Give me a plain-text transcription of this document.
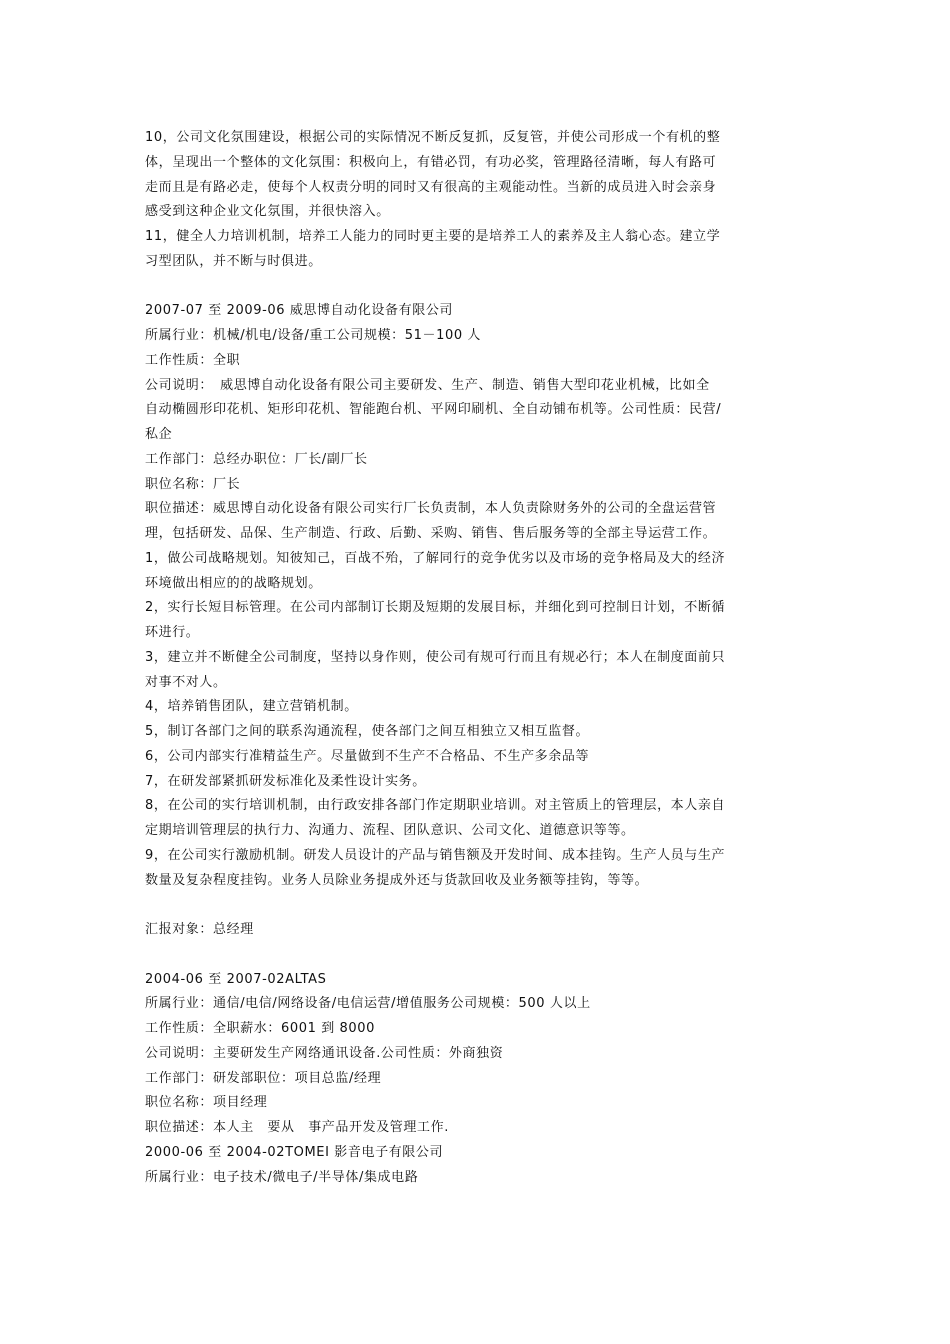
10，公司文化氛围建设，根据公司的实际情况不断反复抓，反复管，并使公司形成一个有机的整
体，呈现出一个整体的文化氛围：积极向上，有错必罚，有功必奖，管理路径清晰，每人有路可
走而且是有路必走，使每个人权责分明的同时又有很高的主观能动性。当新的成员进入时会亲身
感受到这种企业文化氛围，并很快溶入。
11，健全人力培训机制，培养工人能力的同时更主要的是培养工人的素养及主人翁心态。建立学
习型团队，并不断与时俱进。
2007-07 至 2009-06 威思博自动化设备有限公司
所属行业：机械/机电/设备/重工公司规模：51－100 人
工作性质：全职
公司说明：　威思博自动化设备有限公司主要研发、生产、制造、销售大型印花业机械，比如全
自动椭圆形印花机、矩形印花机、智能跑台机、平网印刷机、全自动铺布机等。公司性质：民营/
私企
工作部门：总经办职位：厂长/副厂长
职位名称：厂长
职位描述：威思博自动化设备有限公司实行厂长负责制，本人负责除财务外的公司的全盘运营管
理，包括研发、品保、生产制造、行政、后勤、采购、销售、售后服务等的全部主导运营工作。
1，做公司战略规划。知彼知己，百战不殆，了解同行的竞争优劣以及市场的竞争格局及大的经济
环境做出相应的的战略规划。
2，实行长短目标管理。在公司内部制订长期及短期的发展目标，并细化到可控制日计划，不断循
环进行。
3，建立并不断健全公司制度，坚持以身作则，使公司有规可行而且有规必行；本人在制度面前只
对事不对人。
4，培养销售团队，建立营销机制。
5，制订各部门之间的联系沟通流程，使各部门之间互相独立又相互监督。
6，公司内部实行准精益生产。尽量做到不生产不合格品、不生产多余品等
7，在研发部紧抓研发标准化及柔性设计实务。
8，在公司的实行培训机制，由行政安排各部门作定期职业培训。对主管质上的管理层，本人亲自
定期培训管理层的执行力、沟通力、流程、团队意识、公司文化、道德意识等等。
9，在公司实行激励机制。研发人员设计的产品与销售额及开发时间、成本挂钩。生产人员与生产
数量及复杂程度挂钩。业务人员除业务提成外还与货款回收及业务额等挂钩，等等。
汇报对象：总经理
2004-06 至 2007-02ALTAS
所属行业：通信/电信/网络设备/电信运营/增值服务公司规模：500 人以上
工作性质：全职薪水：6001 到 8000
公司说明：主要研发生产网络通讯设备.公司性质：外商独资
工作部门：研发部职位：项目总监/经理
职位名称：项目经理
职位描述：本人主　要从　事产品开发及管理工作.
2000-06 至 2004-02TOMEI 影音电子有限公司
所属行业：电子技术/微电子/半导体/集成电路
